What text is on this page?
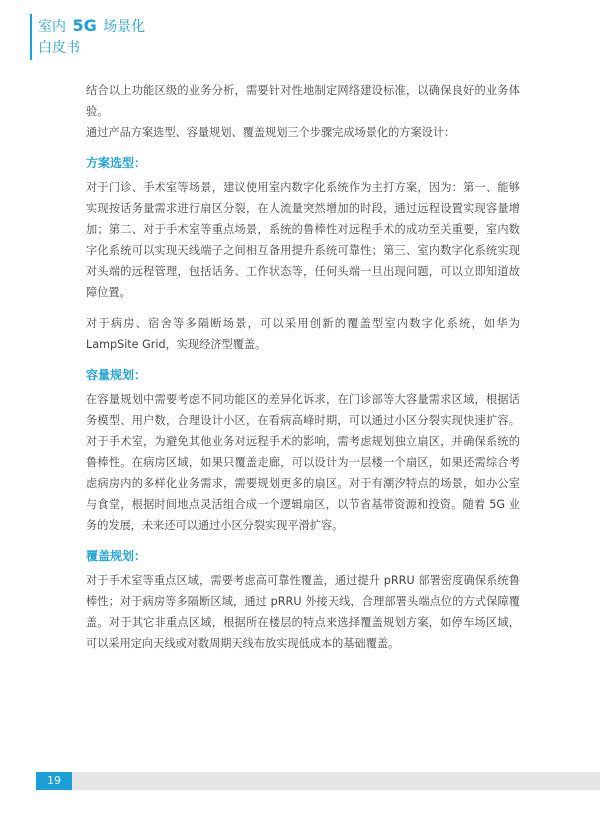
室内 5G 场景化
白皮书

结合以上功能区级的业务分析，需要针对性地制定网络建设标准，以确保良好的业务体验。

通过产品方案选型、容量规划、覆盖规划三个步骤完成场景化的方案设计：

方案选型：

对于门诊、手术室等场景，建议使用室内数字化系统作为主打方案，因为：第一、能够实现按话务量需求进行扇区分裂，在人流量突然增加的时段，通过远程设置实现容量增加；第二、对于手术室等重点场景，系统的鲁棒性对远程手术的成功至关重要，室内数字化系统可以实现天线端子之间相互备用提升系统可靠性；第三、室内数字化系统实现对头端的远程管理，包括话务、工作状态等，任何头端一旦出现问题，可以立即知道故障位置。

对于病房、宿舍等多隔断场景，可以采用创新的覆盖型室内数字化系统，如华为 LampSite Grid，实现经济型覆盖。

容量规划：

在容量规划中需要考虑不同功能区的差异化诉求，在门诊部等大容量需求区域，根据话务模型、用户数，合理设计小区，在看病高峰时期，可以通过小区分裂实现快速扩容。对于手术室，为避免其他业务对远程手术的影响，需考虑规划独立扇区，并确保系统的鲁棒性。在病房区域，如果只覆盖走廊，可以设计为一层楼一个扇区，如果还需综合考虑病房内的多样化业务需求，需要规划更多的扇区。对于有潮汐特点的场景，如办公室与食堂，根据时间地点灵活组合成一个逻辑扇区，以节省基带资源和投资。随着 5G 业务的发展，未来还可以通过小区分裂实现平滑扩容。

覆盖规划：

对于手术室等重点区域，需要考虑高可靠性覆盖，通过提升 pRRU 部署密度确保系统鲁棒性；对于病房等多隔断区域，通过 pRRU 外接天线，合理部署头端点位的方式保障覆盖。对于其它非重点区域，根据所在楼层的特点来选择覆盖规划方案，如停车场区域，可以采用定向天线或对数周期天线布放实现低成本的基础覆盖。

19
